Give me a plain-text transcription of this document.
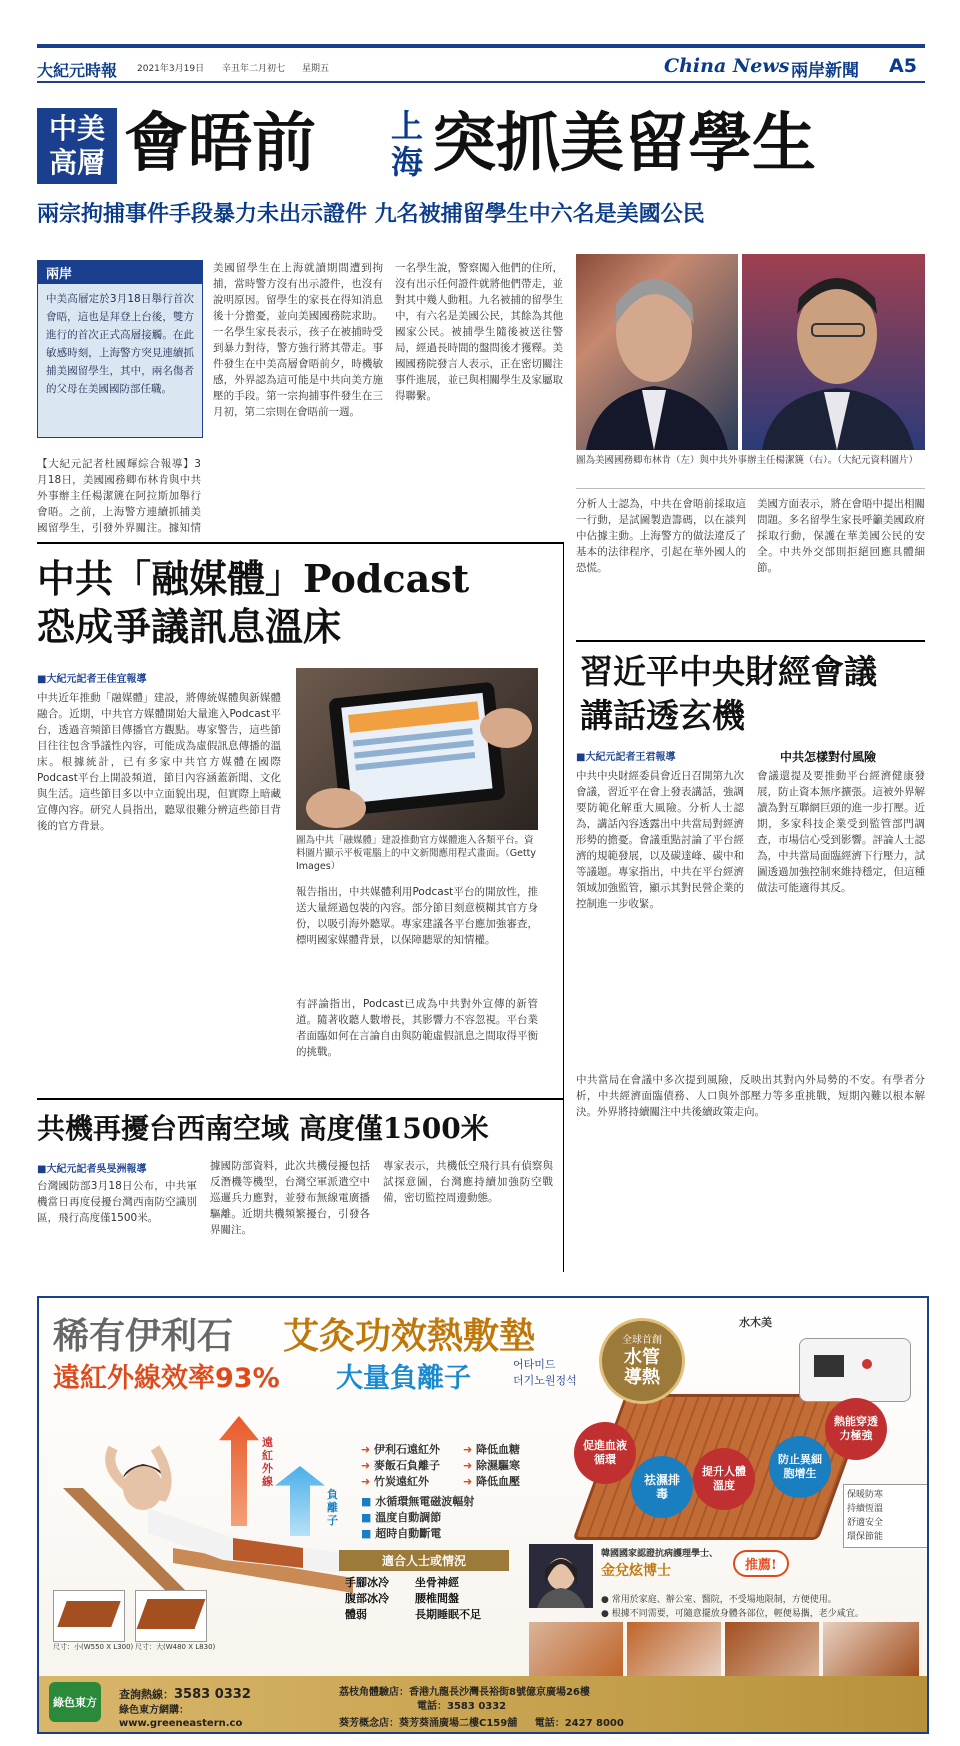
大紀元時報 2021年3月19日 辛丑年二月初七 星期五	China News 兩岸新聞 A5
中美
高層 會晤前 上
海 突抓美留學生
兩宗拘捕事件手段暴力未出示證件 九名被捕留學生中六名是美國公民
兩岸
中美高層定於3月18日舉行首次會晤，這也是拜登上台後，雙方進行的首次正式高層接觸。在此敏感時刻，上海警方突見連續抓捕美國留學生，其中，兩名傷者的父母在美國國防部任職。
【大紀元記者杜國輝綜合報導】3月18日，美國國務卿布林肯與中共外事辦主任楊潔篪在阿拉斯加舉行會晤。之前，上海警方連續抓捕美國留學生，引發外界關注。據知情
美國留學生在上海就讀期間遭到拘捕，當時警方沒有出示證件，也沒有說明原因。留學生的家長在得知消息後十分擔憂，並向美國國務院求助。一名學生家長表示，孩子在被捕時受到暴力對待，警方強行將其帶走。事件發生在中美高層會晤前夕，時機敏感，外界認為這可能是中共向美方施壓的手段。第一宗拘捕事件發生在三月初，第二宗則在會晤前一週。
一名學生說，警察闖入他們的住所，沒有出示任何證件就將他們帶走，並對其中幾人動粗。九名被捕的留學生中，有六名是美國公民，其餘為其他國家公民。被捕學生隨後被送往警局，經過長時間的盤問後才獲釋。美國國務院發言人表示，正在密切關注事件進展，並已與相關學生及家屬取得聯繫。
圖為美國國務卿布林肯（左）與中共外事辦主任楊潔篪（右）。（大紀元資料圖片）
分析人士認為，中共在會晤前採取這一行動，是試圖製造籌碼，以在談判中佔據主動。上海警方的做法違反了基本的法律程序，引起在華外國人的恐慌。
美國方面表示，將在會晤中提出相關問題。多名留學生家長呼籲美國政府採取行動，保護在華美國公民的安全。中共外交部則拒絕回應具體細節。
中共「融媒體」Podcast
恐成爭議訊息溫床
■大紀元記者王佳宜報導
中共近年推動「融媒體」建設，將傳統媒體與新媒體融合。近期，中共官方媒體開始大量進入Podcast平台，透過音頻節目傳播官方觀點。專家警告，這些節目往往包含爭議性內容，可能成為虛假訊息傳播的溫床。根據統計，已有多家中共官方媒體在國際Podcast平台上開設頻道，節目內容涵蓋新聞、文化與生活。這些節目多以中立面貌出現，但實際上暗藏宣傳內容。研究人員指出，聽眾很難分辨這些節目背後的官方背景。
圖為中共「融媒體」建設推動官方媒體進入各類平台。資料圖片顯示平板電腦上的中文新聞應用程式畫面。（Getty Images）
報告指出，中共媒體利用Podcast平台的開放性，推送大量經過包裝的內容。部分節目刻意模糊其官方身份，以吸引海外聽眾。專家建議各平台應加強審查，標明國家媒體背景，以保障聽眾的知情權。
有評論指出，Podcast已成為中共對外宣傳的新管道。隨著收聽人數增長，其影響力不容忽視。平台業者面臨如何在言論自由與防範虛假訊息之間取得平衡的挑戰。
共機再擾台西南空域 高度僅1500米
■大紀元記者吳旻洲報導
台灣國防部3月18日公布，中共軍機當日再度侵擾台灣西南防空識別區，飛行高度僅1500米。
據國防部資料，此次共機侵擾包括反潛機等機型，台灣空軍派遣空中巡邏兵力應對，並發布無線電廣播驅離。近期共機頻繁擾台，引發各界關注。
專家表示，共機低空飛行具有偵察與試探意圖，台灣應持續加強防空戰備，密切監控周邊動態。
習近平中央財經會議
講話透玄機
■大紀元記者王君報導	中共怎樣對付風險
中共中央財經委員會近日召開第九次會議，習近平在會上發表講話，強調要防範化解重大風險。分析人士認為，講話內容透露出中共當局對經濟形勢的擔憂。會議重點討論了平台經濟的規範發展，以及碳達峰、碳中和等議題。專家指出，中共在平台經濟領域加強監管，顯示其對民營企業的控制進一步收緊。
會議還提及要推動平台經濟健康發展，防止資本無序擴張。這被外界解讀為對互聯網巨頭的進一步打壓。近期，多家科技企業受到監管部門調查，市場信心受到影響。評論人士認為，中共當局面臨經濟下行壓力，試圖透過加強控制來維持穩定，但這種做法可能適得其反。
中共當局在會議中多次提到風險，反映出其對內外局勢的不安。有學者分析，中共經濟面臨債務、人口與外部壓力等多重挑戰，短期內難以根本解決。外界將持續關注中共後續政策走向。
稀有伊利石 艾灸功效熱敷墊
遠紅外線效率93% 大量負離子	어타미드
더기노원정석
水木美
全球首創
水管導熱
熱能穿透力極強
促進血液循環
祛濕排毒
提升人體溫度
防止異細胞增生
遠紅外線
負離子
➜ 伊利石遠紅外
➜ 麥飯石負離子
➜ 竹炭遠紅外
➜ 降低血糖
➜ 除濕驅寒
➜ 降低血壓
■ 水循環無電磁波輻射
■ 溫度自動調節
■ 超時自動斷電
適合人士或情況
手腳冰冷
腹部冰冷
體弱
坐骨神經
腰椎間盤
長期睡眠不足
尺寸：小(W550 X L300) 尺寸：大(W480 X L830)
韓國國家認證抗病護理學士、
金兌炫博士	推薦!
保暖防寒
持續恆溫
舒適安全
環保節能
● 常用於家庭、辦公室、醫院，不受場地限制，方便使用。
● 根據不同需要，可隨意擺放身體各部位，輕便易攜，老少咸宜。
綠色東方
查詢熱線：3583 0332
綠色東方網購：
www.greeneastern.co
荔枝角體驗店：香港九龍長沙灣長裕街8號億京廣場26樓
電話：3583 0332
葵芳概念店：葵芳葵涌廣場二樓C159舖 電話：2427 8000
